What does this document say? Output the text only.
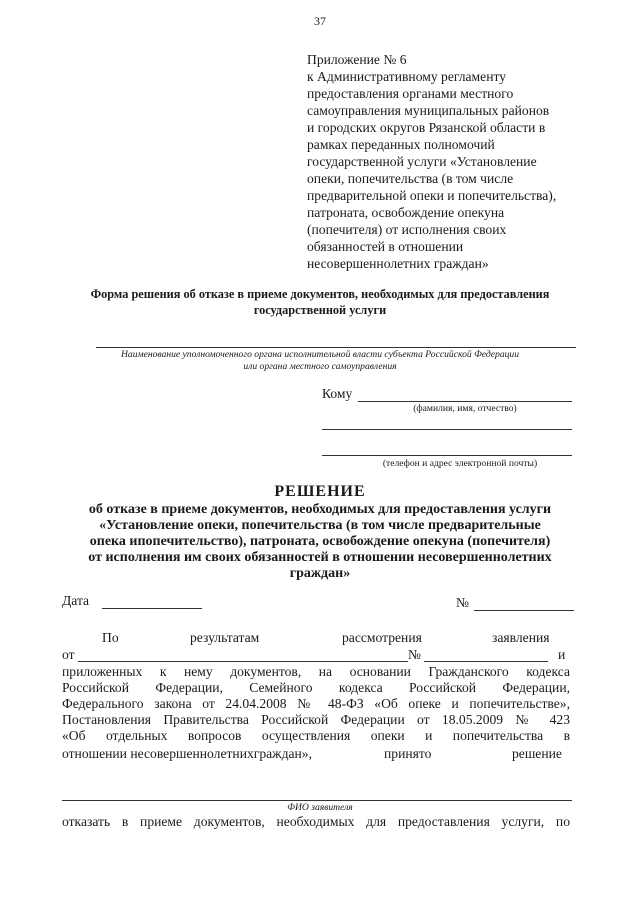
37
Приложение № 6
к Административному регламенту
предоставления органами местного
самоуправления муниципальных районов
и городских округов Рязанской области в
рамках переданных полномочий
государственной услуги «Установление
опеки, попечительства (в том числе
предварительной опеки и попечительства),
патроната, освобождение опекуна
(попечителя) от исполнения своих
обязанностей в отношении
несовершеннолетних граждан»
Форма решения об отказе в приеме документов, необходимых для предоставления
государственной услуги
Наименование уполномоченного органа исполнительной власти субъекта Российской Федерации
или органа местного самоуправления
Кому
(фамилия, имя, отчество)
(телефон и адрес электронной почты)
РЕШЕНИЕ
об отказе в приеме документов, необходимых для предоставления услуги
«Установление опеки, попечительства (в том числе предварительные
опека ипопечительство), патроната, освобождение опекуна (попечителя)
от исполнения им своих обязанностей в отношении несовершеннолетних
граждан»
Дата	№
По	результатам	рассмотрения	заявления
от	№	и
приложенных к нему документов, на основании Гражданского кодекса
Российской Федерации, Семейного кодекса Российской Федерации,
Федерального закона от 24.04.2008 № 48-ФЗ «Об опеке и попечительстве»,
Постановления Правительства Российской Федерации от 18.05.2009 № 423
«Об отдельных вопросов осуществления опеки и попечительства в
отношении несовершеннолетнихграждан»,	принято	решение
ФИО заявителя
отказать в приеме документов, необходимых для предоставления услуги, по
